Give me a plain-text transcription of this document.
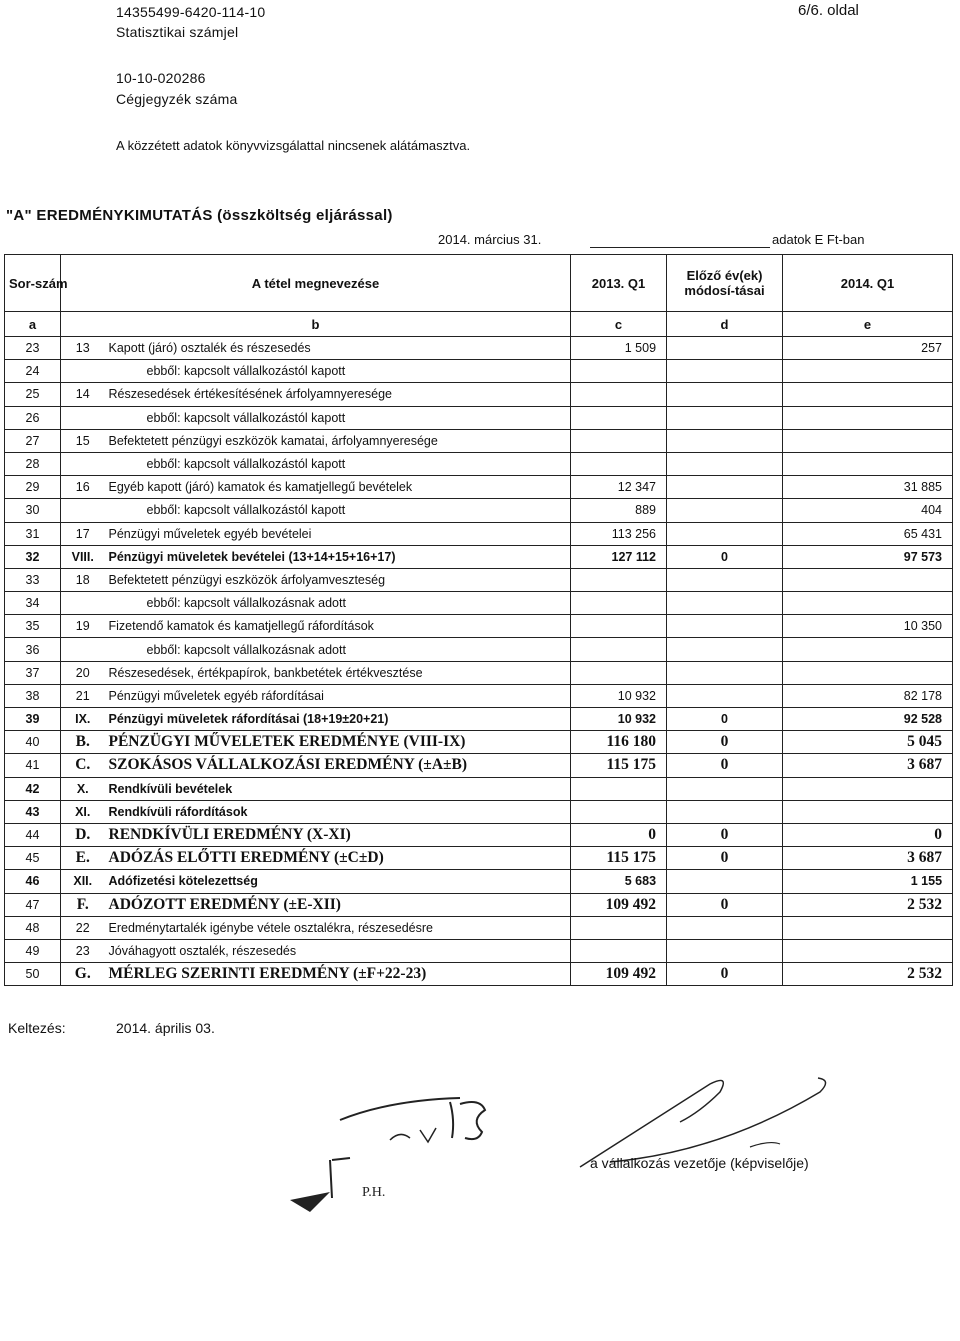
14355499-6420-114-10
Statisztikai számjel
6/6. oldal
10-10-020286
Cégjegyzék száma
A közzétett adatok könyvvizsgálattal nincsenek alátámasztva.
"A" EREDMÉNYKIMUTATÁS (összköltség eljárással)
2014. március 31.	adatok E Ft-ban
Sor-szám	A tétel megnevezése		2013. Q1	Előző év(ek) módosí-tásai	2014. Q1
a	b		c	d	e
23	13	Kapott (járó) osztalék és részesedés	1 509		257
24		ebből: kapcsolt vállalkozástól kapott			
25	14	Részesedések értékesítésének árfolyamnyeresége			
26		ebből: kapcsolt vállalkozástól kapott			
27	15	Befektetett pénzügyi eszközök kamatai, árfolyamnyeresége			
28		ebből: kapcsolt vállalkozástól kapott			
29	16	Egyéb kapott (járó) kamatok és kamatjellegű bevételek	12 347		31 885
30		ebből: kapcsolt vállalkozástól kapott	889		404
31	17	Pénzügyi műveletek egyéb bevételei	113 256		65 431
32	VIII.	Pénzügyi müveletek bevételei (13+14+15+16+17)	127 112	0	97 573
33	18	Befektetett pénzügyi eszközök árfolyamveszteség			
34		ebből: kapcsolt vállalkozásnak adott			
35	19	Fizetendő kamatok és kamatjellegű ráfordítások			10 350
36		ebből: kapcsolt vállalkozásnak adott			
37	20	Részesedések, értékpapírok, bankbetétek értékvesztése			
38	21	Pénzügyi műveletek egyéb ráfordításai	10 932		82 178
39	IX.	Pénzügyi müveletek ráfordításai (18+19±20+21)	10 932	0	92 528
40	B.	PÉNZÜGYI MŰVELETEK EREDMÉNYE (VIII-IX)	116 180	0	5 045
41	C.	SZOKÁSOS VÁLLALKOZÁSI EREDMÉNY (±A±B)	115 175	0	3 687
42	X.	Rendkívüli bevételek			
43	XI.	Rendkívüli ráfordítások			
44	D.	RENDKÍVÜLI EREDMÉNY (X-XI)	0	0	0
45	E.	ADÓZÁS ELŐTTI EREDMÉNY (±C±D)	115 175	0	3 687
46	XII.	Adófizetési kötelezettség	5 683		1 155
47	F.	ADÓZOTT EREDMÉNY (±E-XII)	109 492	0	2 532
48	22	Eredménytartalék igénybe vétele osztalékra, részesedésre			
49	23	Jóváhagyott osztalék, részesedés			
50	G.	MÉRLEG SZERINTI EREDMÉNY (±F+22-23)	109 492	0	2 532
Keltezés:	2014. április 03.
P.H.
a vállalkozás vezetője (képviselője)
